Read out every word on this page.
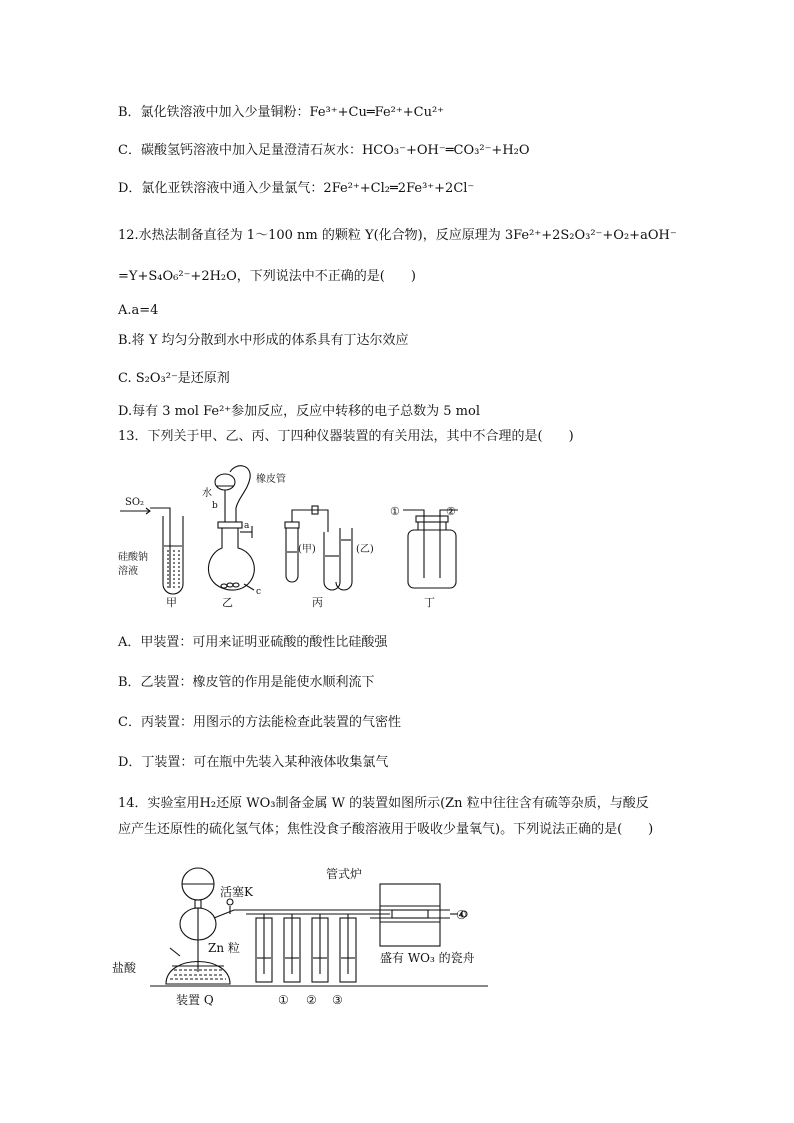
B．氯化铁溶液中加入少量铜粉：Fe³⁺+Cu═Fe²⁺+Cu²⁺
C．碳酸氢钙溶液中加入足量澄清石灰水：HCO₃⁻+OH⁻═CO₃²⁻+H₂O
D．氯化亚铁溶液中通入少量氯气：2Fe²⁺+Cl₂═2Fe³⁺+2Cl⁻
12.水热法制备直径为 1～100 nm 的颗粒 Y(化合物)，反应原理为 3Fe²⁺+2S₂O₃²⁻+O₂+aOH⁻
=Y+S₄O₆²⁻+2H₂O，下列说法中不正确的是(　　)
A.a=4
B.将 Y 均匀分散到水中形成的体系具有丁达尔效应
C. S₂O₃²⁻是还原剂
D.每有 3 mol Fe²⁺参加反应，反应中转移的电子总数为 5 mol
13．下列关于甲、乙、丙、丁四种仪器装置的有关用法，其中不合理的是(　　)
SO₂
硅酸钠
溶液
水
橡皮管
b
a
c
(甲)	(乙)
①	②
甲	乙	丙	丁
A．甲装置：可用来证明亚硫酸的酸性比硅酸强
B．乙装置：橡皮管的作用是能使水顺利流下
C．丙装置：用图示的方法能检查此装置的气密性
D．丁装置：可在瓶中先装入某种液体收集氯气
14．实验室用H₂还原 WO₃制备金属 W 的装置如图所示(Zn 粒中往往含有硫等杂质，与酸反
应产生还原性的硫化氢气体；焦性没食子酸溶液用于吸收少量氧气)。下列说法正确的是(　　)
活塞K
管式炉
Zn 粒
盐酸
盛有 WO₃ 的瓷舟
装置 Q	① ② ③
④
